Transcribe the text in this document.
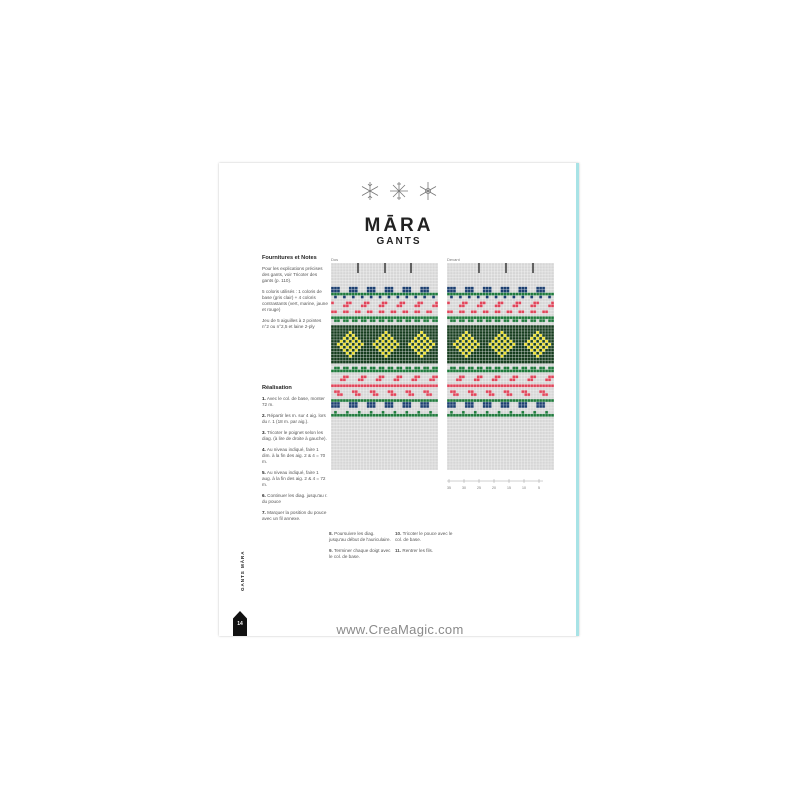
MĀRA
GANTS
Fournitures et Notes
Pour les explications précises des gants, voir Tricoter des gants (p. 110).
5 coloris utilisés : 1 coloris de base (gris clair) + 4 coloris contrastants (vert, marine, jaune et rouge)
Jeu de 5 aiguilles à 2 pointes n°2 ou n°2,5 et laine 2-ply
Réalisation
1. Avec le col. de base, monter 72 m.
2. Répartir les m. sur 4 aig. lors du r. 1 (18 m. par aig.).
3. Tricoter le poignet selon les diag. (à lire de droite à gauche).
4. Au niveau indiqué, faire 1 dim. à la fin des aig. 2 & 4 = 70 m.
5. Au niveau indiqué, faire 1 aug. à la fin des aig. 2 & 4 = 72 m.
6. Continuer les diag. jusqu'au r. du pouce
7. Marquer la position du pouce avec un fil annexe.
8. Poursuivre les diag. jusqu'au début de l'auriculaire.
9. Terminer chaque doigt avec le col. de base.
10. Tricoter le pouce avec le col. de base.
11. Rentrer les fils.
Dos	Devant
35	30	25	20	15	10	5
GANTS MĀRA
14	www.CreaMagic.com
